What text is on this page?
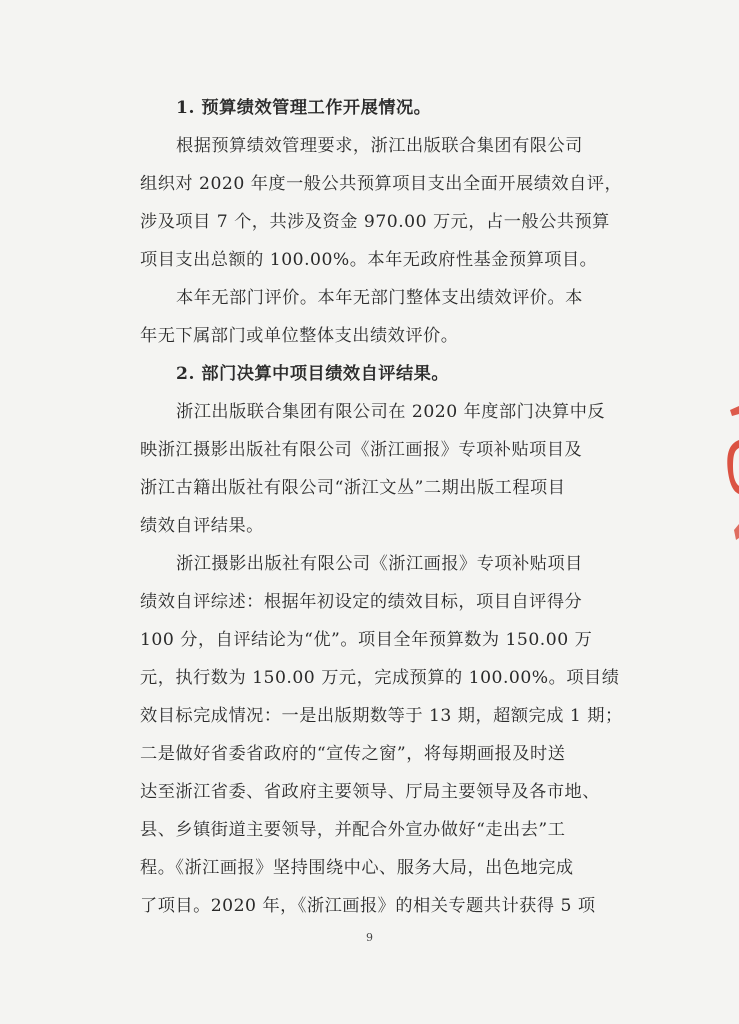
1. 预算绩效管理工作开展情况。
根据预算绩效管理要求，浙江出版联合集团有限公司
组织对 2020 年度一般公共预算项目支出全面开展绩效自评，
涉及项目 7 个，共涉及资金 970.00 万元，占一般公共预算
项目支出总额的 100.00%。本年无政府性基金预算项目。
本年无部门评价。本年无部门整体支出绩效评价。本
年无下属部门或单位整体支出绩效评价。
2. 部门决算中项目绩效自评结果。
浙江出版联合集团有限公司在 2020 年度部门决算中反
映浙江摄影出版社有限公司《浙江画报》专项补贴项目及
浙江古籍出版社有限公司“浙江文丛”二期出版工程项目
绩效自评结果。
浙江摄影出版社有限公司《浙江画报》专项补贴项目
绩效自评综述：根据年初设定的绩效目标，项目自评得分
100 分，自评结论为“优”。项目全年预算数为 150.00 万
元，执行数为 150.00 万元，完成预算的 100.00%。项目绩
效目标完成情况：一是出版期数等于 13 期，超额完成 1 期；
二是做好省委省政府的“宣传之窗”，将每期画报及时送
达至浙江省委、省政府主要领导、厅局主要领导及各市地、
县、乡镇街道主要领导，并配合外宣办做好“走出去”工
程。《浙江画报》坚持围绕中心、服务大局，出色地完成
了项目。2020 年，《浙江画报》的相关专题共计获得 5 项
9
